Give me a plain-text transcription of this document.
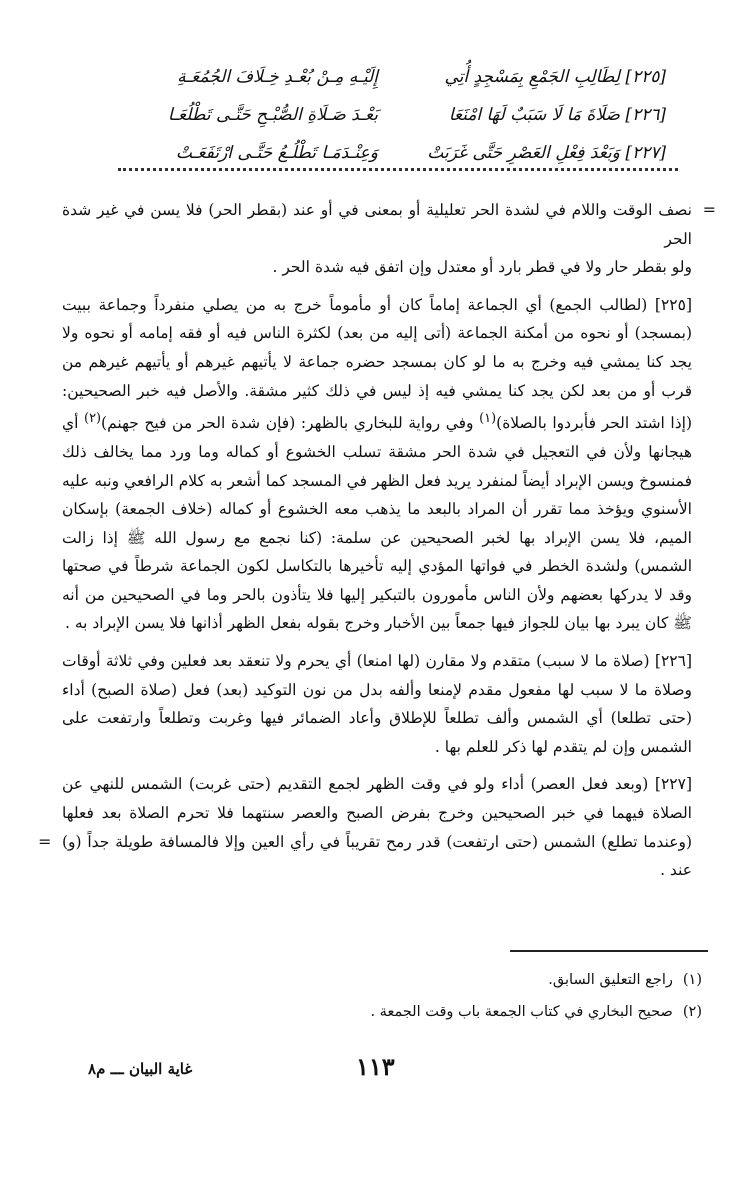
[٢٢٥] لِطَالِبِ الجَمْعِ بِمَسْجِدٍ أُتِي
إِلَيْـهِ مِـنْ بُعْـدِ خِـلَافَ الجُمُعَـةِ
[٢٢٦] صَلَاةَ مَا لَا سَبَبٌ لَهَا امْنَعَا
بَعْـدَ صَـلَاةِ الصُّبْـحِ حَتَّـى تَطْلُعَـا
[٢٢٧] وَبَعْدَ فِعْلِ العَصْرِ حَتَّى غَرَبَتْ
وَعِنْـدَمَـا تَطْلُـعُ حَتَّـى ارْتَفَعَـتْ
=

نصف الوقت واللام في لشدة الحر تعليلية أو بمعنى في أو عند (بقطر الحر) فلا يسن في غير شدة الحر

ولو بقطر حار ولا في قطر بارد أو معتدل وإن اتفق فيه شدة الحر .

[٢٢٥] (لطالب الجمع) أي الجماعة إماماً كان أو مأموماً خرج به من يصلي منفرداً وجماعة ببيت (بمسجد) أو نحوه من أمكنة الجماعة (أتى إليه من بعد) لكثرة الناس فيه أو فقه إمامه أو نحوه ولا يجد كنا يمشي فيه وخرج به ما لو كان بمسجد حضره جماعة لا يأتيهم غيرهم أو يأتيهم غيرهم من قرب أو من بعد لكن يجد كنا يمشي فيه إذ ليس في ذلك كثير مشقة. والأصل فيه خبر الصحيحين: (إذا اشتد الحر فأبردوا بالصلاة)$^{(١)}$ وفي رواية للبخاري بالظهر: (فإن شدة الحر من فيح جهنم)$^{(٢)}$ أي هيجانها ولأن في التعجيل في شدة الحر مشقة تسلب الخشوع أو كماله وما ورد مما يخالف ذلك فمنسوخ ويسن الإبراد أيضاً لمنفرد يريد فعل الظهر في المسجد كما أشعر به كلام الرافعي ونبه عليه الأسنوي ويؤخذ مما تقرر أن المراد بالبعد ما يذهب معه الخشوع أو كماله (خلاف الجمعة) بإسكان الميم، فلا يسن الإبراد بها لخبر الصحيحين عن سلمة: (كنا نجمع مع رسول الله ﷺ إذا زالت الشمس) ولشدة الخطر في فواتها المؤدي إليه تأخيرها بالتكاسل لكون الجماعة شرطاً في صحتها وقد لا يدركها بعضهم ولأن الناس مأمورون بالتبكير إليها فلا يتأذون بالحر وما في الصحيحين من أنه ﷺ كان يبرد بها بيان للجواز فيها جمعاً بين الأخبار وخرج بقوله بفعل الظهر أذانها فلا يسن الإبراد به .

[٢٢٦] (صلاة ما لا سبب) متقدم ولا مقارن (لها امنعا) أي يحرم ولا تنعقد بعد فعلين وفي ثلاثة أوقات وصلاة ما لا سبب لها مفعول مقدم لإمنعا وألفه بدل من نون التوكيد (بعد) فعل (صلاة الصبح) أداء (حتى تطلعا) أي الشمس وألف تطلعاً للإطلاق وأعاد الضمائر فيها وغربت وتطلعاً وارتفعت على الشمس وإن لم يتقدم لها ذكر للعلم بها .

[٢٢٧] (وبعد فعل العصر) أداء ولو في وقت الظهر لجمع التقديم (حتى غربت) الشمس للنهي عن الصلاة فيهما في خبر الصحيحين وخرج بفرض الصبح والعصر سنتهما فلا تحرم الصلاة بعد فعلها (وعندما تطلع) الشمس (حتى ارتفعت) قدر رمح تقريباً في رأي العين وإلا فالمسافة طويلة جداً (و) عند .

=
(١)راجع التعليق السابق.
(٢)صحيح البخاري في كتاب الجمعة باب وقت الجمعة .
١١٣
غاية البيان ـــ م٨
